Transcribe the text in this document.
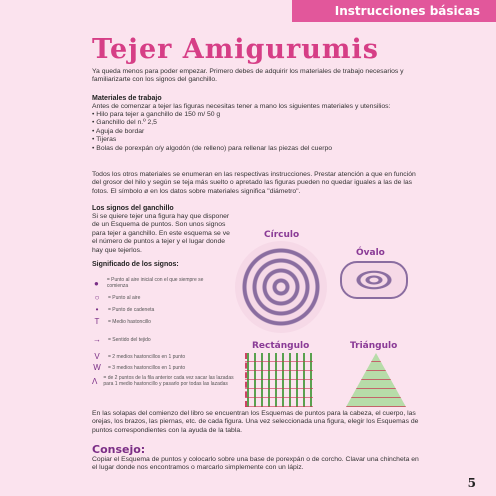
Instrucciones básicas
Tejer Amigurumis

Ya queda menos para poder empezar. Primero debes de adquirir los materiales de trabajo necesarios y familiarizarte con los signos del ganchillo.

Materiales de trabajo

Antes de comenzar a tejer las figuras necesitas tener a mano los siguientes materiales y utensilios:

• Hilo para tejer a ganchillo de 150 m/ 50 g
• Ganchillo del n.º 2,5
• Aguja de bordar
• Tijeras
• Bolas de porexpán o/y algodón (de relleno) para rellenar las piezas del cuerpo

Todos los otros materiales se enumeran en las respectivas instrucciones. Prestar atención a que en función del grosor del hilo y según se teja más suelto o apretado las figuras pueden no quedar iguales a las de las fotos. El símbolo ø en los datos sobre materiales significa "diámetro".

Los signos del ganchillo

Si se quiere tejer una figura hay que disponer de un Esquema de puntos. Son unos signos para tejer a ganchillo. En este esquema se ve el número de puntos a tejer y el lugar donde hay que tejerlos.

Significado de los signos:
●	= Punto al aire inicial con el que siempre se comienza
○	= Punto al aire
•	= Punto de cadeneta
T	= Medio hastoncillo
→ = Sentido del tejido
V	= 2 medios hastoncillos en 1 punto
W = 3 medios hastoncillos en 1 punto
Λ = de 2 puntos de la fila anterior cada vez sacar las lazadas para 1 medio hastoncillo y pasarlo por todas las lazadas
Círculo
Óvalo
Rectángulo	Triángulo

En las solapas del comienzo del libro se encuentran los Esquemas de puntos para la cabeza, el cuerpo, las orejas, los brazos, las piernas, etc. de cada figura. Una vez seleccionada una figura, elegir los Esquemas de puntos correspondientes con la ayuda de la tabla.

Consejo:

Copiar el Esquema de puntos y colocarlo sobre una base de porexpán o de corcho. Clavar una chincheta en el lugar donde nos encontramos o marcarlo simplemente con un lápiz.

5
